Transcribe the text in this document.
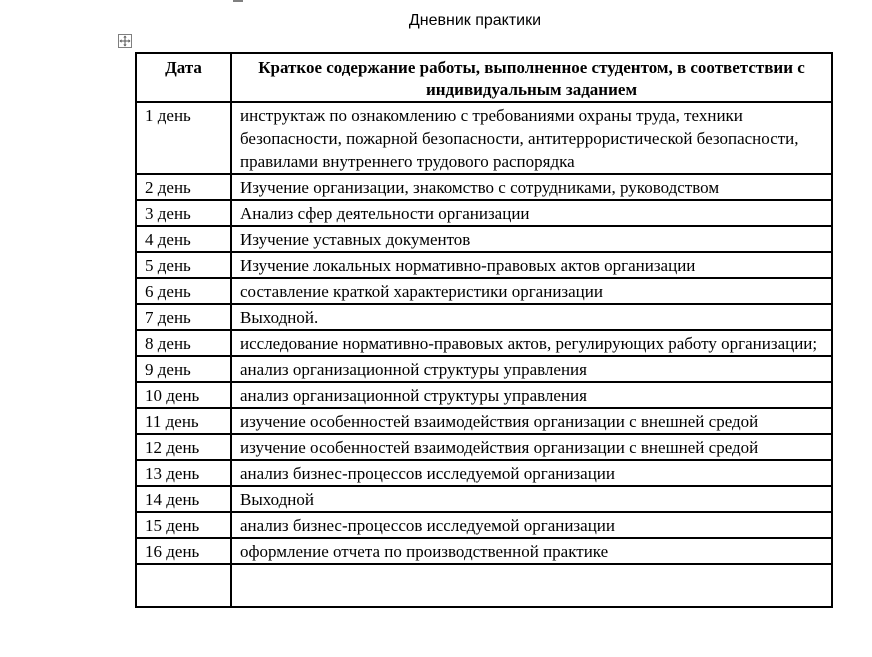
Дневник практики
Дата	Краткое содержание работы, выполненное студентом, в соответствии с индивидуальным заданием
1 день	инструктаж по ознакомлению с требованиями охраны труда, техники безопасности, пожарной безопасности, антитеррористической безопасности, правилами внутреннего трудового распорядка
2 день	Изучение организации, знакомство с сотрудниками, руководством
3 день	Анализ сфер деятельности организации
4 день	Изучение уставных документов
5 день	Изучение локальных нормативно-правовых актов организации
6 день	составление краткой характеристики организации
7 день	Выходной.
8 день	исследование нормативно-правовых актов, регулирующих работу организации;
9 день	анализ организационной структуры управления
10 день	анализ организационной структуры управления
11 день	изучение особенностей взаимодействия организации с внешней средой
12 день	изучение особенностей взаимодействия организации с внешней средой
13 день	анализ бизнес-процессов исследуемой организации
14 день	Выходной
15 день	анализ бизнес-процессов исследуемой организации
16 день	оформление отчета по производственной практике
